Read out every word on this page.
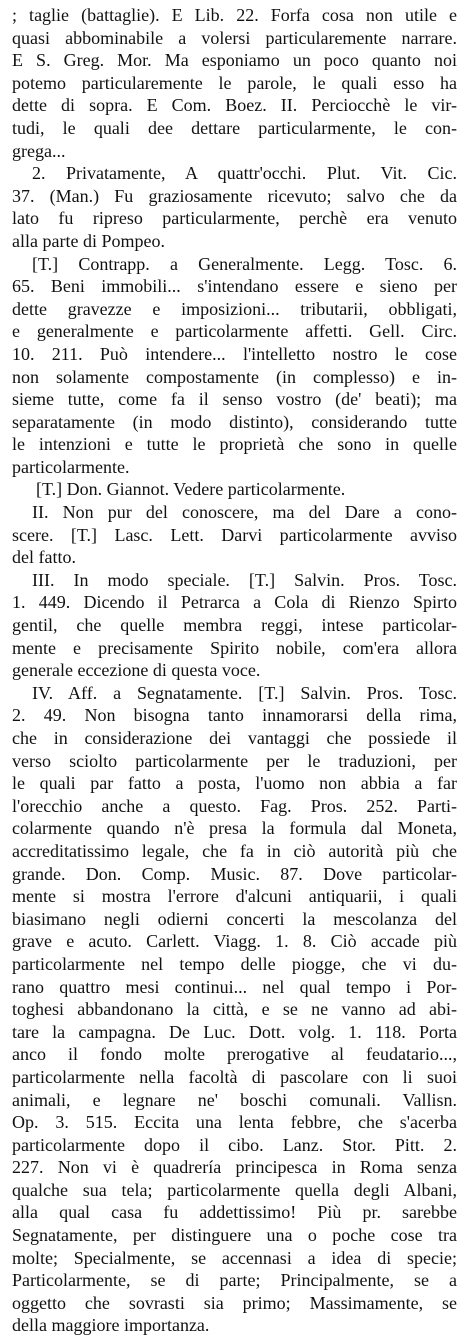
; taglie (battaglie). E Lib. 22. Forfa cosa non utile e
quasi abbominabile a volersi particularemente narrare.
E S. Greg. Mor. Ma esponiamo un poco quanto noi
potemo particularemente le parole, le quali esso ha
dette di sopra. E Com. Boez. II. Perciocchè le vir-
tudi, le quali dee dettare particularmente, le con-
grega...
2. Privatamente, A quattr'occhi. Plut. Vit. Cic.
37. (Man.) Fu graziosamente ricevuto; salvo che da
lato fu ripreso particularmente, perchè era venuto
alla parte di Pompeo.
[T.] Contrapp. a Generalmente. Legg. Tosc. 6.
65. Beni immobili... s'intendano essere e sieno per
dette gravezze e imposizioni... tributarii, obbligati,
e generalmente e particolarmente affetti. Gell. Circ.
10. 211. Può intendere... l'intelletto nostro le cose
non solamente compostamente (in complesso) e in-
sieme tutte, come fa il senso vostro (de' beati); ma
separatamente (in modo distinto), considerando tutte
le intenzioni e tutte le proprietà che sono in quelle
particolarmente.
[T.] Don. Giannot. Vedere particolarmente.
II. Non pur del conoscere, ma del Dare a cono-
scere. [T.] Lasc. Lett. Darvi particolarmente avviso
del fatto.
III. In modo speciale. [T.] Salvin. Pros. Tosc.
1. 449. Dicendo il Petrarca a Cola di Rienzo Spirto
gentil, che quelle membra reggi, intese particolar-
mente e precisamente Spirito nobile, com'era allora
generale eccezione di questa voce.
IV. Aff. a Segnatamente. [T.] Salvin. Pros. Tosc.
2. 49. Non bisogna tanto innamorarsi della rima,
che in considerazione dei vantaggi che possiede il
verso sciolto particolarmente per le traduzioni, per
le quali par fatto a posta, l'uomo non abbia a far
l'orecchio anche a questo. Fag. Pros. 252. Parti-
colarmente quando n'è presa la formula dal Moneta,
accreditatissimo legale, che fa in ciò autorità più che
grande. Don. Comp. Music. 87. Dove particolar-
mente si mostra l'errore d'alcuni antiquarii, i quali
biasimano negli odierni concerti la mescolanza del
grave e acuto. Carlett. Viagg. 1. 8. Ciò accade più
particolarmente nel tempo delle piogge, che vi du-
rano quattro mesi continui... nel qual tempo i Por-
toghesi abbandonano la città, e se ne vanno ad abi-
tare la campagna. De Luc. Dott. volg. 1. 118. Porta
anco il fondo molte prerogative al feudatario...,
particolarmente nella facoltà di pascolare con li suoi
animali, e legnare ne' boschi comunali. Vallisn.
Op. 3. 515. Eccita una lenta febbre, che s'acerba
particolarmente dopo il cibo. Lanz. Stor. Pitt. 2.
227. Non vi è quadrería principesca in Roma senza
qualche sua tela; particolarmente quella degli Albani,
alla qual casa fu addettissimo! Più pr. sarebbe
Segnatamente, per distinguere una o poche cose tra
molte; Specialmente, se accennasi a idea di specie;
Particolarmente, se di parte; Principalmente, se a
oggetto che sovrasti sia primo; Massimamente, se
della maggiore importanza.
